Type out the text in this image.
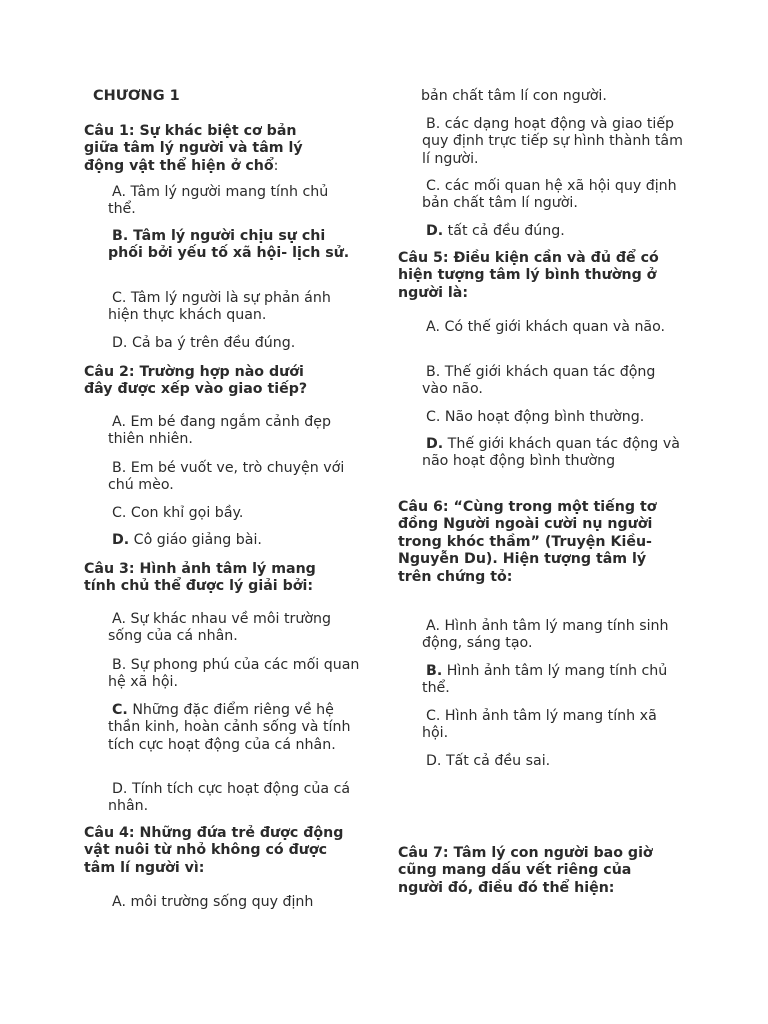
CHƯƠNG 1
Câu 1: Sự khác biệt cơ bản giữa tâm lý người và tâm lý động vật thể hiện ở chổ:
A. Tâm lý người mang tính chủ thể.
B. Tâm lý người chịu sự chi phối bởi yếu tố xã hội- lịch sử.
C. Tâm lý người là sự phản ánh hiện thực khách quan.
D. Cả ba ý trên đều đúng.
Câu 2: Trường hợp nào dưới đây được xếp vào giao tiếp?
A. Em bé đang ngắm cảnh đẹp thiên nhiên.
B. Em bé vuốt ve, trò chuyện với chú mèo.
C. Con khỉ gọi bầy.
D. Cô giáo giảng bài.
Câu 3: Hình ảnh tâm lý mang tính chủ thể được lý giải bởi:
A. Sự khác nhau về môi trường sống của cá nhân.
B. Sự phong phú của các mối quan hệ xã hội.
C. Những đặc điểm riêng về hệ thần kinh, hoàn cảnh sống và tính tích cực hoạt động của cá nhân.
D. Tính tích cực hoạt động của cá nhân.
Câu 4: Những đứa trẻ được động vật nuôi từ nhỏ không có được tâm lí người vì:
A. môi trường sống quy định
bản chất tâm lí con người.
B. các dạng hoạt động và giao tiếp quy định trực tiếp sự hình thành tâm lí người.
C. các mối quan hệ xã hội quy định bản chất tâm lí người.
D. tất cả đều đúng.
Câu 5: Điều kiện cần và đủ để có hiện tượng tâm lý bình thường ở người là:
A. Có thế giới khách quan và não.
B. Thế giới khách quan tác động vào não.
C. Não hoạt động bình thường.
D. Thế giới khách quan tác động và não hoạt động bình thường
Câu 6: “Cùng trong một tiếng tơ đồng Người ngoài cười nụ người trong khóc thầm” (Truyện Kiều- Nguyễn Du). Hiện tượng tâm lý trên chứng tỏ:
A. Hình ảnh tâm lý mang tính sinh động, sáng tạo.
B. Hình ảnh tâm lý mang tính chủ thể.
C. Hình ảnh tâm lý mang tính xã hội.
D. Tất cả đều sai.
Câu 7: Tâm lý con người bao giờ cũng mang dấu vết riêng của người đó, điều đó thể hiện:
